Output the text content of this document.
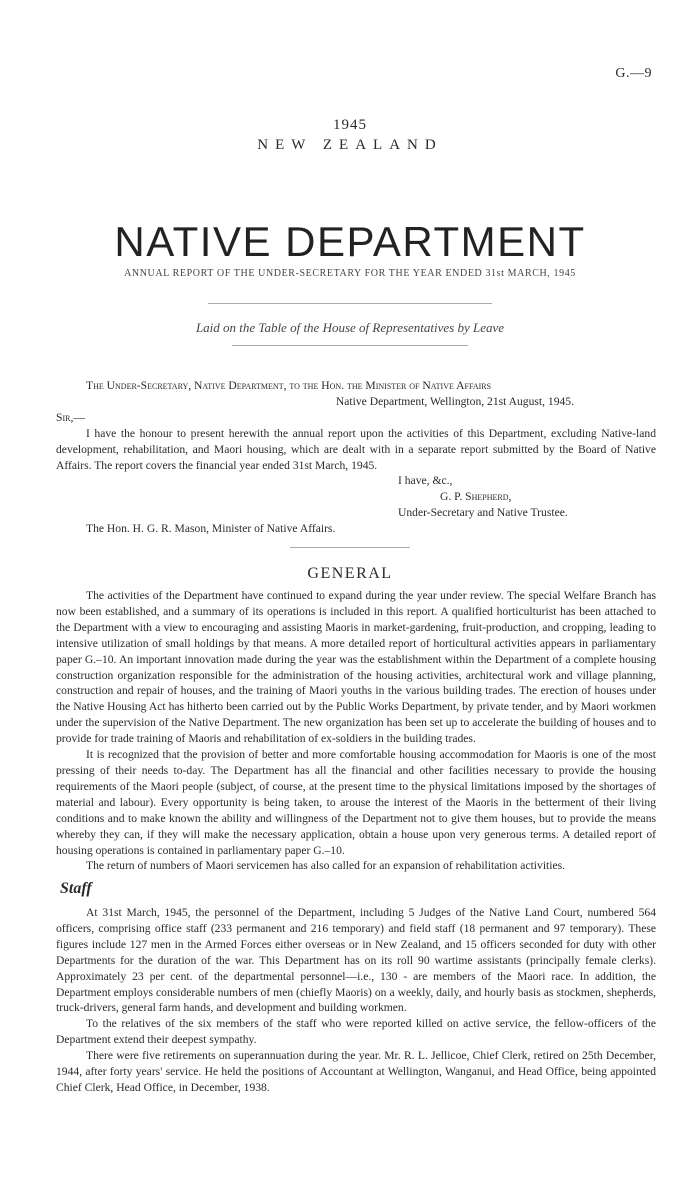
G.—9
1945
NEW ZEALAND
NATIVE DEPARTMENT
ANNUAL REPORT OF THE UNDER-SECRETARY FOR THE YEAR ENDED 31st MARCH, 1945
Laid on the Table of the House of Representatives by Leave

The Under-Secretary, Native Department, to the Hon. the Minister of Native Affairs

Native Department, Wellington, 21st August, 1945.

Sir,—

I have the honour to present herewith the annual report upon the activities of this Department, excluding Native-land development, rehabilitation, and Maori housing, which are dealt with in a separate report submitted by the Board of Native Affairs. The report covers the financial year ended 31st March, 1945.

I have, &c.,

G. P. Shepherd,

Under-Secretary and Native Trustee.

The Hon. H. G. R. Mason, Minister of Native Affairs.

GENERAL

The activities of the Department have continued to expand during the year under review. The special Welfare Branch has now been established, and a summary of its operations is included in this report. A qualified horticulturist has been attached to the Department with a view to encouraging and assisting Maoris in market-gardening, fruit-production, and cropping, leading to intensive utilization of small holdings by that means. A more detailed report of horticultural activities appears in parliamentary paper G.–10. An important innovation made during the year was the establishment within the Department of a complete housing construction organization responsible for the administration of the housing activities, architectural work and village planning, construction and repair of houses, and the training of Maori youths in the various building trades. The erection of houses under the Native Housing Act has hitherto been carried out by the Public Works Department, by private tender, and by Maori workmen under the supervision of the Native Department. The new organization has been set up to accelerate the building of houses and to provide for trade training of Maoris and rehabilitation of ex-soldiers in the building trades.

It is recognized that the provision of better and more comfortable housing accommodation for Maoris is one of the most pressing of their needs to-day. The Department has all the financial and other facilities necessary to provide the housing requirements of the Maori people (subject, of course, at the present time to the physical limitations imposed by the shortages of material and labour). Every opportunity is being taken, to arouse the interest of the Maoris in the betterment of their living conditions and to make known the ability and willingness of the Department not to give them houses, but to provide the means whereby they can, if they will make the necessary application, obtain a house upon very generous terms. A detailed report of housing operations is contained in parliamentary paper G.–10.

The return of numbers of Maori servicemen has also called for an expansion of rehabilitation activities.

Staff

At 31st March, 1945, the personnel of the Department, including 5 Judges of the Native Land Court, numbered 564 officers, comprising office staff (233 permanent and 216 temporary) and field staff (18 permanent and 97 temporary). These figures include 127 men in the Armed Forces either overseas or in New Zealand, and 15 officers seconded for duty with other Departments for the duration of the war. This Department has on its roll 90 wartime assistants (principally female clerks). Approximately 23 per cent. of the departmental personnel—i.e., 130 - are members of the Maori race. In addition, the Department employs considerable numbers of men (chiefly Maoris) on a weekly, daily, and hourly basis as stockmen, shepherds, truck-drivers, general farm hands, and development and building workmen.

To the relatives of the six members of the staff who were reported killed on active service, the fellow-officers of the Department extend their deepest sympathy.

There were five retirements on superannuation during the year. Mr. R. L. Jellicoe, Chief Clerk, retired on 25th December, 1944, after forty years' service. He held the positions of Accountant at Wellington, Wanganui, and Head Office, being appointed Chief Clerk, Head Office, in December, 1938.
